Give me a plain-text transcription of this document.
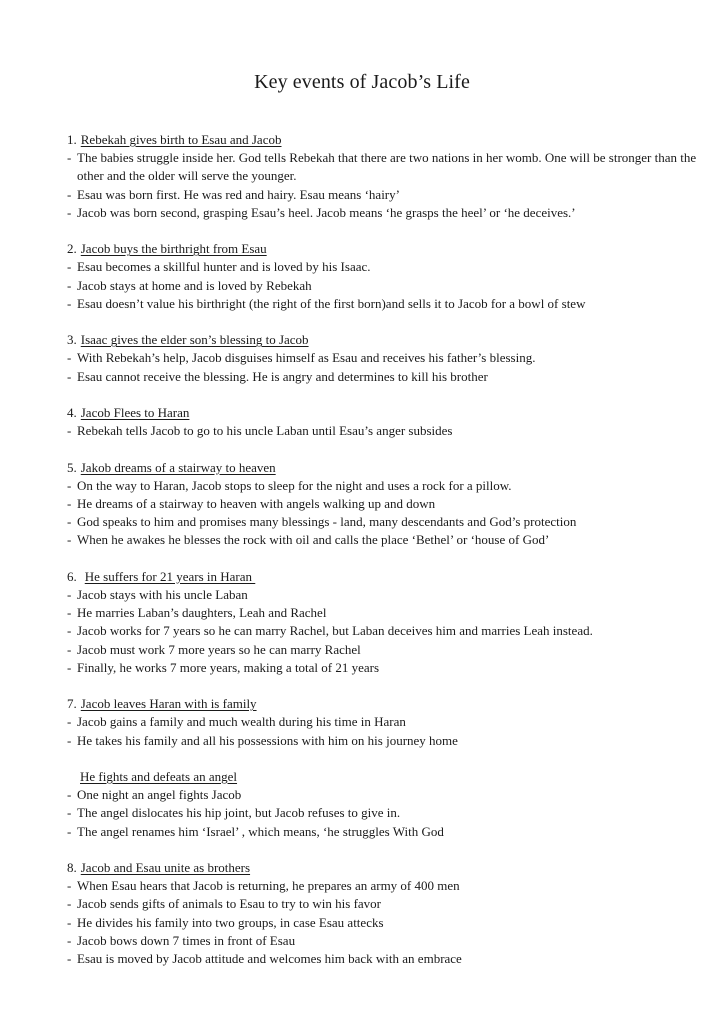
Key events of Jacob’s Life

1. Rebekah gives birth to Esau and Jacob

- The babies struggle inside her. God tells Rebekah that there are two nations in her womb. One will be stronger than the other and the older will serve the younger.
- Esau was born first. He was red and hairy. Esau means ‘hairy’
- Jacob was born second, grasping Esau’s heel. Jacob means ‘he grasps the heel’ or ‘he deceives.’

2. Jacob buys the birthright from Esau

- Esau becomes a skillful hunter and is loved by his Isaac.
- Jacob stays at home and is loved by Rebekah
- Esau doesn’t value his birthright (the right of the first born)and sells it to Jacob for a bowl of stew

3. Isaac gives the elder son’s blessing to Jacob

- With Rebekah’s help, Jacob disguises himself as Esau and receives his father’s blessing.
- Esau cannot receive the blessing. He is angry and determines to kill his brother

4. Jacob Flees to Haran

- Rebekah tells Jacob to go to his uncle Laban until Esau’s anger subsides

5. Jakob dreams of a stairway to heaven

- On the way to Haran, Jacob stops to sleep for the night and uses a rock for a pillow.
- He dreams of a stairway to heaven with angels walking up and down
- God speaks to him and promises many blessings - land, many descendants and God’s protection
- When he awakes he blesses the rock with oil and calls the place ‘Bethel’ or ‘house of God’

6. He suffers for 21 years in Haran

- Jacob stays with his uncle Laban
- He marries Laban’s daughters, Leah and Rachel
- Jacob works for 7 years so he can marry Rachel, but Laban deceives him and marries Leah instead.
- Jacob must work 7 more years so he can marry Rachel
- Finally, he works 7 more years, making a total of 21 years

7. Jacob leaves Haran with is family

- Jacob gains a family and much wealth during his time in Haran
- He takes his family and all his possessions with him on his journey home

He fights and defeats an angel

- One night an angel fights Jacob
- The angel dislocates his hip joint, but Jacob refuses to give in.
- The angel renames him ‘Israel’ , which means, ‘he struggles With God

8. Jacob and Esau unite as brothers

- When Esau hears that Jacob is returning, he prepares an army of 400 men
- Jacob sends gifts of animals to Esau to try to win his favor
- He divides his family into two groups, in case Esau attecks
- Jacob bows down 7 times in front of Esau
- Esau is moved by Jacob attitude and welcomes him back with an embrace
